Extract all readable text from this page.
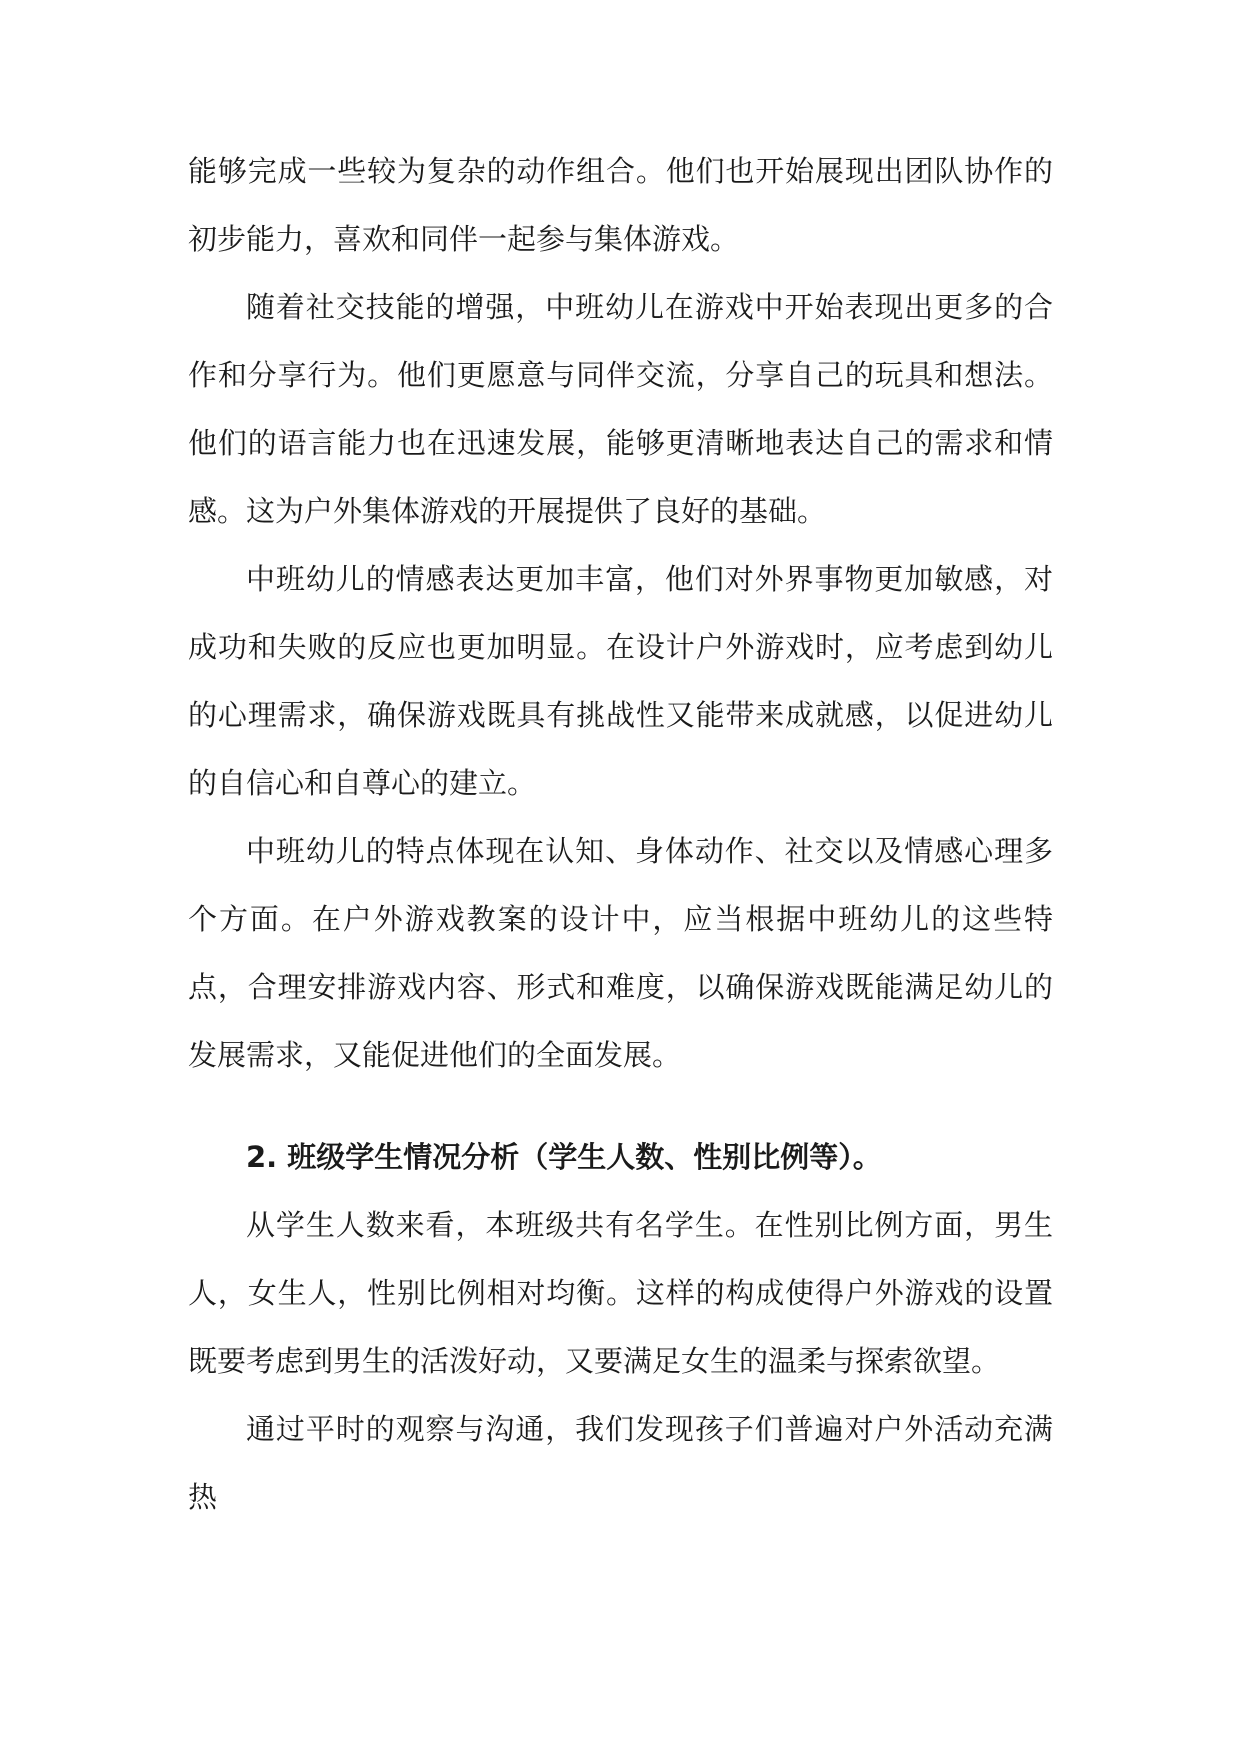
能够完成一些较为复杂的动作组合。他们也开始展现出团队协作的初步能力，喜欢和同伴一起参与集体游戏。

随着社交技能的增强，中班幼儿在游戏中开始表现出更多的合作和分享行为。他们更愿意与同伴交流，分享自己的玩具和想法。他们的语言能力也在迅速发展，能够更清晰地表达自己的需求和情感。这为户外集体游戏的开展提供了良好的基础。

中班幼儿的情感表达更加丰富，他们对外界事物更加敏感，对成功和失败的反应也更加明显。在设计户外游戏时，应考虑到幼儿的心理需求，确保游戏既具有挑战性又能带来成就感，以促进幼儿的自信心和自尊心的建立。

中班幼儿的特点体现在认知、身体动作、社交以及情感心理多个方面。在户外游戏教案的设计中，应当根据中班幼儿的这些特点，合理安排游戏内容、形式和难度，以确保游戏既能满足幼儿的发展需求，又能促进他们的全面发展。

2. 班级学生情况分析（学生人数、性别比例等）。

从学生人数来看，本班级共有名学生。在性别比例方面，男生人，女生人，性别比例相对均衡。这样的构成使得户外游戏的设置既要考虑到男生的活泼好动，又要满足女生的温柔与探索欲望。

通过平时的观察与沟通，我们发现孩子们普遍对户外活动充满热
